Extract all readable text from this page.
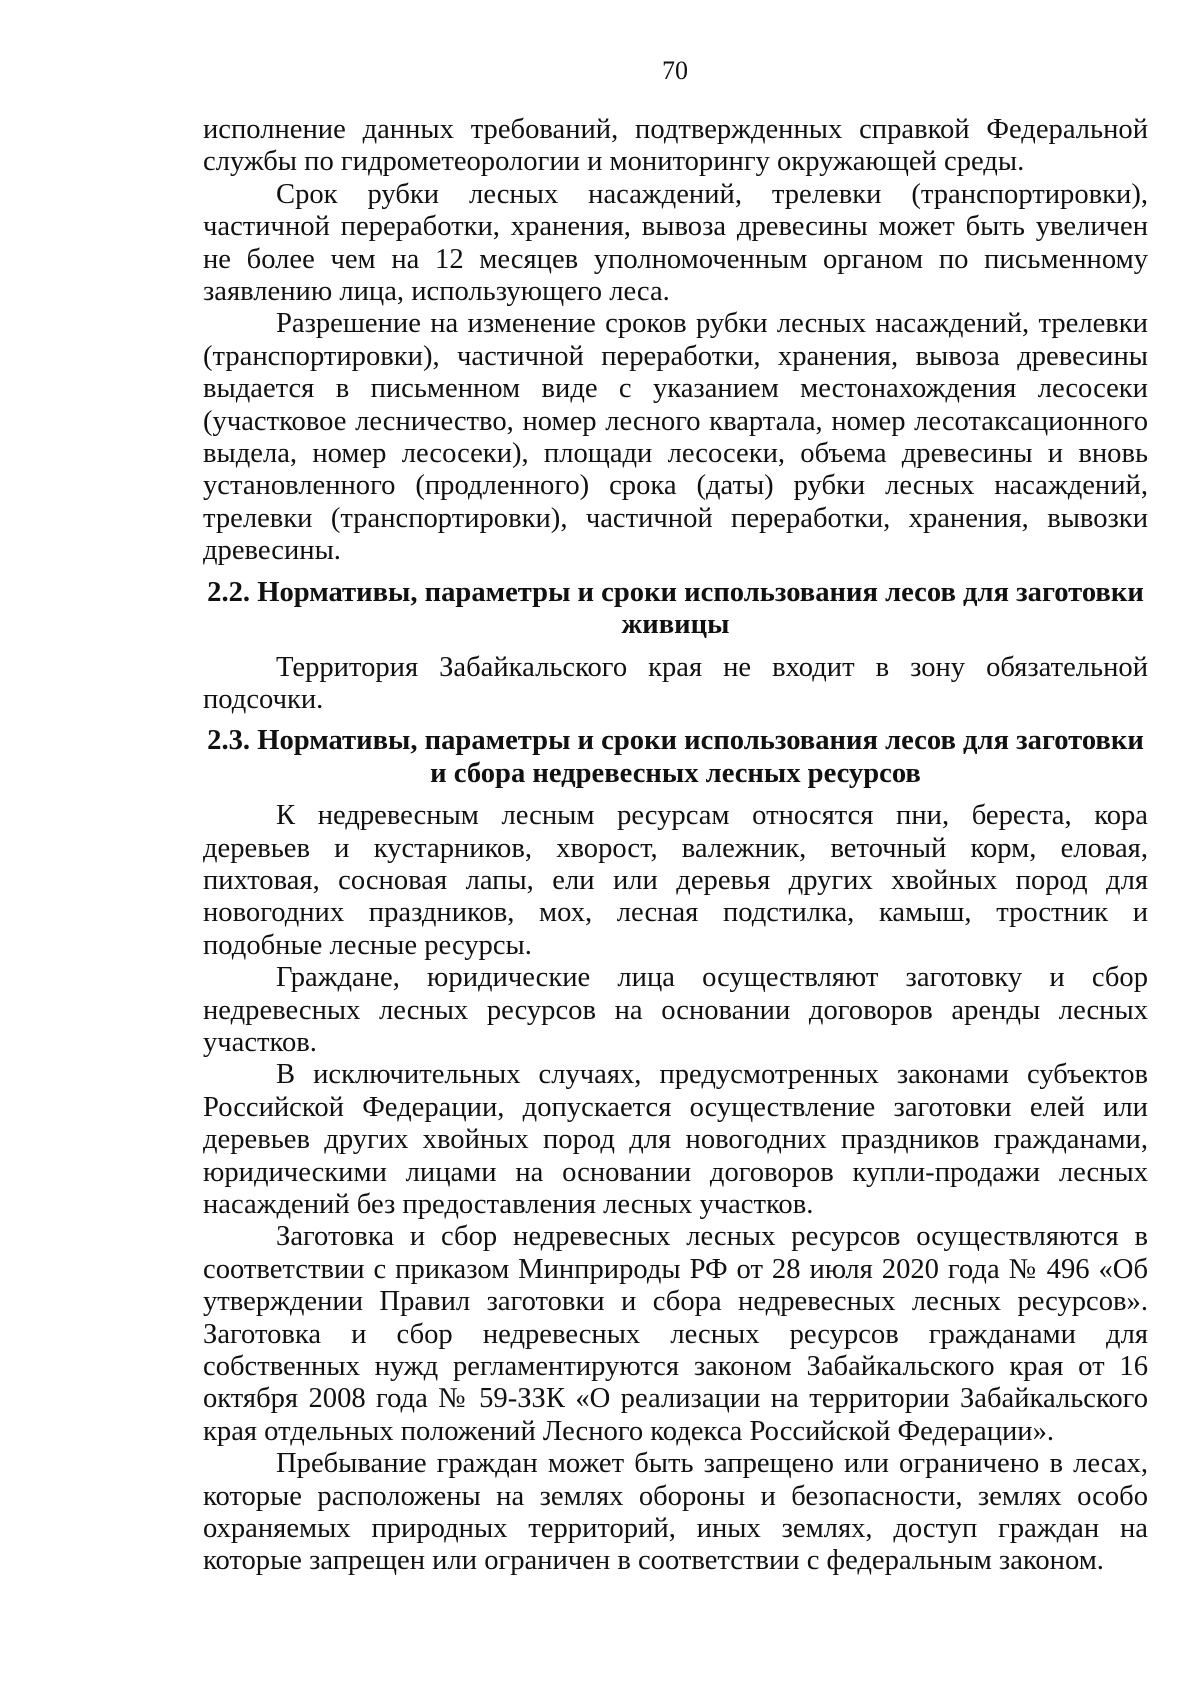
70

исполнение данных требований, подтвержденных справкой Федеральной службы по гидрометеорологии и мониторингу окружающей среды.

Срок рубки лесных насаждений, трелевки (транспортировки), частичной переработки, хранения, вывоза древесины может быть увеличен не более чем на 12 месяцев уполномоченным органом по письменному заявлению лица, использующего леса.

Разрешение на изменение сроков рубки лесных насаждений, трелевки (транспортировки), частичной переработки, хранения, вывоза древесины выдается в письменном виде с указанием местонахождения лесосеки (участковое лесничество, номер лесного квартала, номер лесотаксационного выдела, номер лесосеки), площади лесосеки, объема древесины и вновь установленного (продленного) срока (даты) рубки лесных насаждений, трелевки (транспортировки), частичной переработки, хранения, вывозки древесины.

2.2. Нормативы, параметры и сроки использования лесов для заготовки живицы

Территория Забайкальского края не входит в зону обязательной подсочки.

2.3. Нормативы, параметры и сроки использования лесов для заготовки и сбора недревесных лесных ресурсов

К недревесным лесным ресурсам относятся пни, береста, кора деревьев и кустарников, хворост, валежник, веточный корм, еловая, пихтовая, сосновая лапы, ели или деревья других хвойных пород для новогодних праздников, мох, лесная подстилка, камыш, тростник и подобные лесные ресурсы.

Граждане, юридические лица осуществляют заготовку и сбор недревесных лесных ресурсов на основании договоров аренды лесных участков.

В исключительных случаях, предусмотренных законами субъектов Российской Федерации, допускается осуществление заготовки елей или деревьев других хвойных пород для новогодних праздников гражданами, юридическими лицами на основании договоров купли-продажи лесных насаждений без предоставления лесных участков.

Заготовка и сбор недревесных лесных ресурсов осуществляются в соответствии с приказом Минприроды РФ от 28 июля 2020 года № 496 «Об утверждении Правил заготовки и сбора недревесных лесных ресурсов». Заготовка и сбор недревесных лесных ресурсов гражданами для собственных нужд регламентируются законом Забайкальского края от 16 октября 2008 года № 59-ЗЗК «О реализации на территории Забайкальского края отдельных положений Лесного кодекса Российской Федерации».

Пребывание граждан может быть запрещено или ограничено в лесах, которые расположены на землях обороны и безопасности, землях особо охраняемых природных территорий, иных землях, доступ граждан на которые запрещен или ограничен в соответствии с федеральным законом.
